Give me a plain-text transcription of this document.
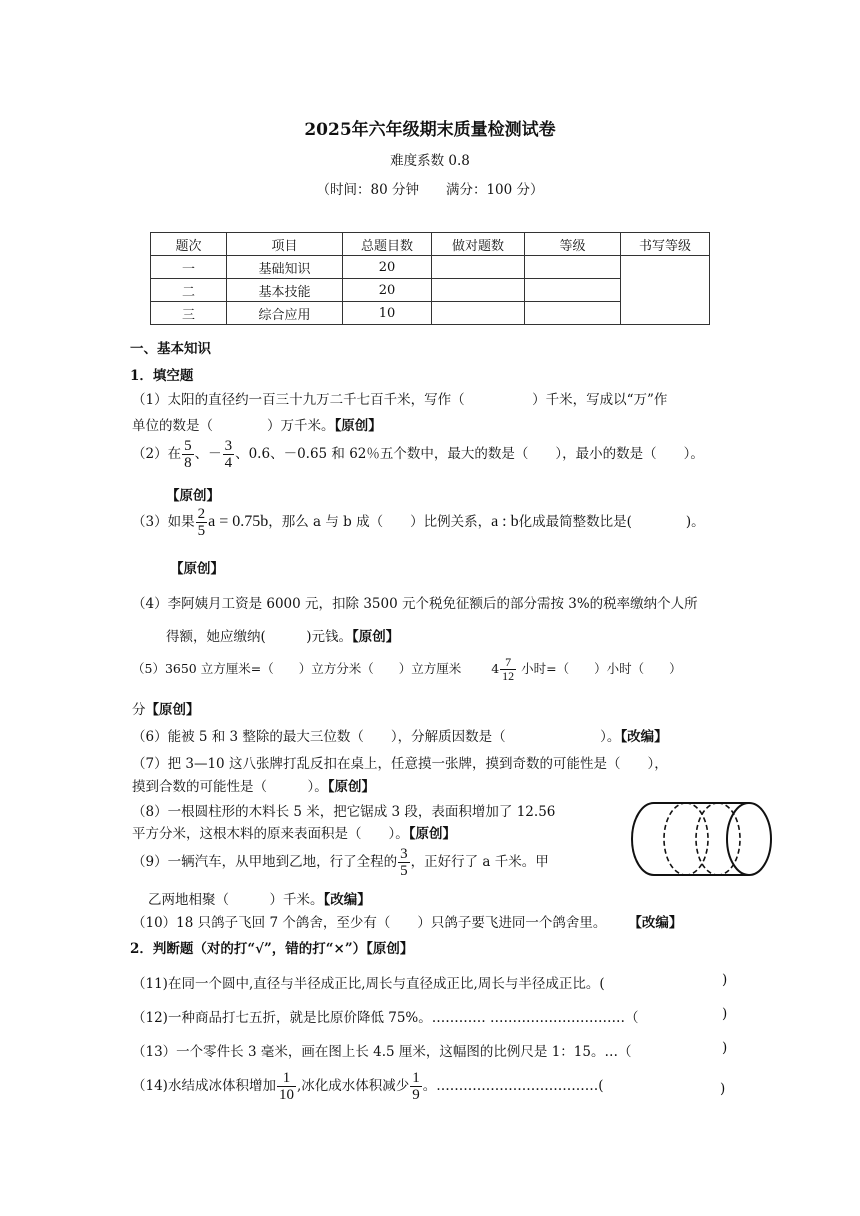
2025年六年级期末质量检测试卷
难度系数 0.8
（时间：80 分钟　　满分：100 分）
题次	项目	总题目数	做对题数	等级	书写等级
一	基础知识	20			
二	基本技能	20			
三	综合应用	10			
一、基本知识
1．填空题
（1）太阳的直径约一百三十九万二千七百千米，写作（　　　　　）千米，写成以“万”作
单位的数是（　　　　）万千米。【原创】
（2）在 $\frac{5}{8}$ 、－ $\frac{3}{4}$ 、0.6、－0.65 和 62％五个数中，最大的数是（　　），最小的数是（　　）。
【原创】
（3）如果 $\frac{2}{5}$ a = 0.75b，那么 a 与 b 成（　　）比例关系，a : b化成最简整数比是(　　　　)。
【原创】
（4）李阿姨月工资是 6000 元，扣除 3500 元个税免征额后的部分需按 3%的税率缴纳个人所
得额，她应缴纳(　　　)元钱。【原创】
（5）3650 立方厘米=（　　）立方分米（　　）立方厘米 $4 \frac{7}{12}$ 小时=（　　）小时（　　）
分【原创】
（6）能被 5 和 3 整除的最大三位数（　　），分解质因数是（　　　　　　　）。【改编】
（7）把 3—10 这八张牌打乱反扣在桌上，任意摸一张牌，摸到奇数的可能性是（　　），
摸到合数的可能性是（　　　）。【原创】
（8）一根圆柱形的木料长 5 米，把它锯成 3 段，表面积增加了 12.56
平方分米，这根木料的原来表面积是（　　）。【原创】
（9）一辆汽车，从甲地到乙地，行了全程的 $\frac{3}{5}$ ，正好行了 a 千米。甲
乙两地相聚（　　　）千米。【改编】
（10）18 只鸽子飞回 7 个鸽舍，至少有（　　）只鸽子要飞进同一个鸽舍里。 【改编】
2．判断题（对的打“√”，错的打“×”）【原创】
（11)在同一个圆中,直径与半径成正比,周长与直径成正比,周长与半径成正比。(	)
（12)一种商品打七五折，就是比原价降低 75%。………… …………………………（	)
（13）一个零件长 3 毫米，画在图上长 4.5 厘米，这幅图的比例尺是 1：15。…（	)
（14)水结成冰体积增加 $\frac{1}{10}$ ,冰化成水体积减少 $\frac{1}{9}$ 。………………………………(	)
